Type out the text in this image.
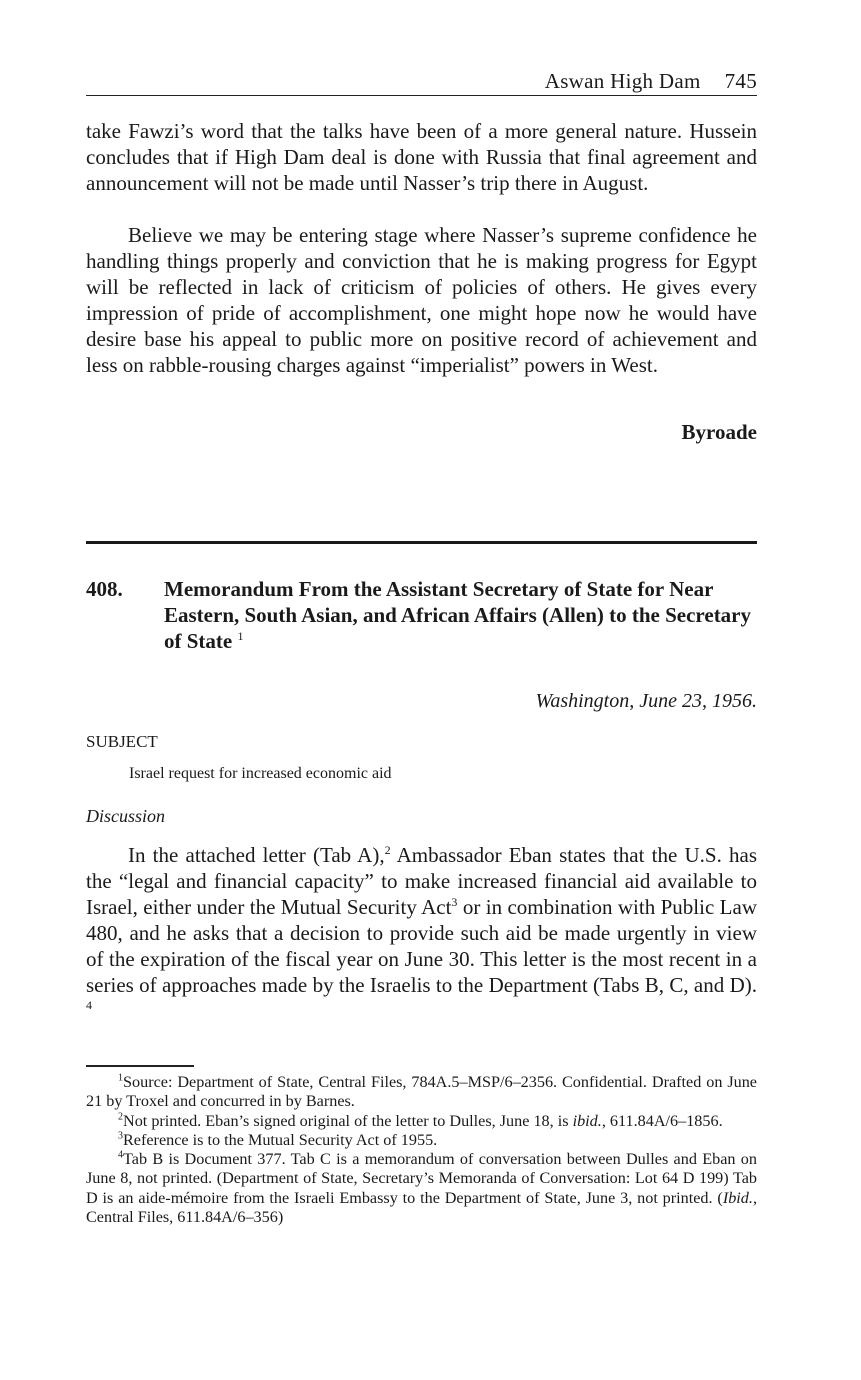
Aswan High Dam 745

take Fawzi’s word that the talks have been of a more general nature. Hussein concludes that if High Dam deal is done with Russia that final agreement and announcement will not be made until Nasser’s trip there in August.

Believe we may be entering stage where Nasser’s supreme confidence he handling things properly and conviction that he is making progress for Egypt will be reflected in lack of criticism of policies of others. He gives every impression of pride of accomplishment, one might hope now he would have desire base his appeal to public more on positive record of achievement and less on rabble-rousing charges against “imperialist” powers in West.

Byroade
408. Memorandum From the Assistant Secretary of State for Near Eastern, South Asian, and African Affairs (Allen) to the Secretary of State $^1$

Washington, June 23, 1956.
SUBJECT
Israel request for increased economic aid
Discussion

In the attached letter (Tab A),$^2$ Ambassador Eban states that the U.S. has the “legal and financial capacity” to make increased financial aid available to Israel, either under the Mutual Security Act$^3$ or in combination with Public Law 480, and he asks that a decision to provide such aid be made urgently in view of the expiration of the fiscal year on June 30. This letter is the most recent in a series of approaches made by the Israelis to the Department (Tabs B, C, and D). $^4$

$^1$Source: Department of State, Central Files, 784A.5–MSP/6–2356. Confidential. Drafted on June 21 by Troxel and concurred in by Barnes.

$^2$Not printed. Eban’s signed original of the letter to Dulles, June 18, is ibid., 611.84A/6–1856.

$^3$Reference is to the Mutual Security Act of 1955.

$^4$Tab B is Document 377. Tab C is a memorandum of conversation between Dulles and Eban on June 8, not printed. (Department of State, Secretary’s Memoranda of Conversation: Lot 64 D 199) Tab D is an aide-mémoire from the Israeli Embassy to the Department of State, June 3, not printed. (Ibid., Central Files, 611.84A/6–356)
